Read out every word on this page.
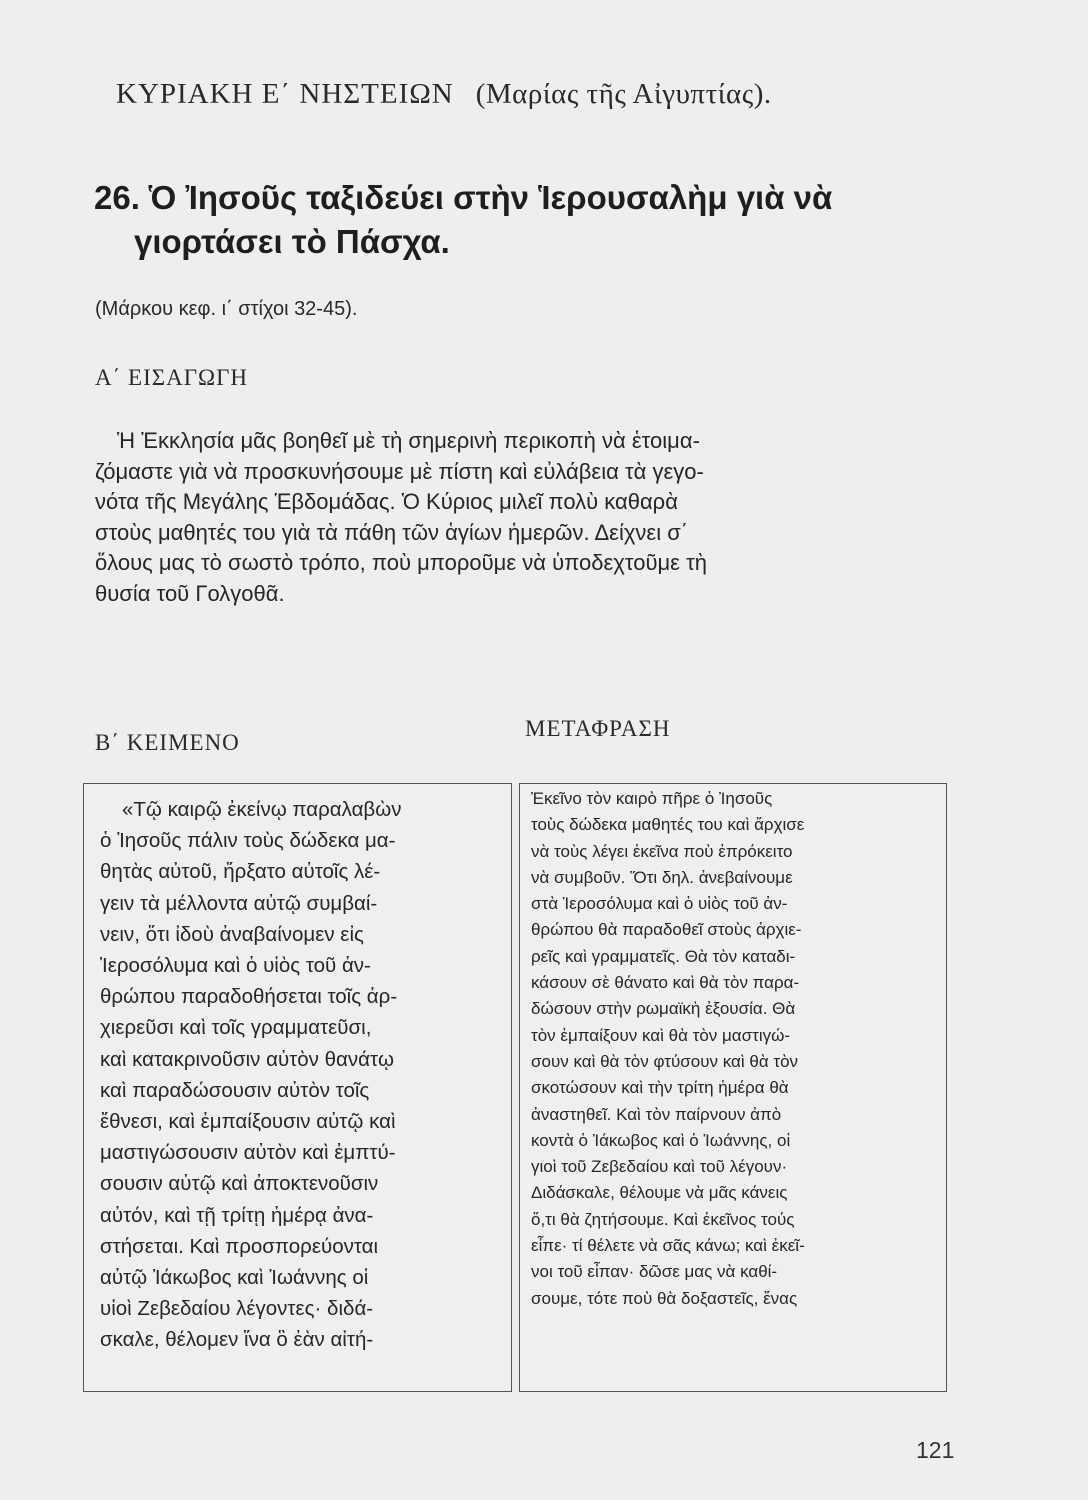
ΚΥΡΙΑΚΗ Ε΄ ΝΗΣΤΕΙΩΝ (Μαρίας τῆς Αἰγυπτίας).
26. Ὁ Ἰησοῦς ταξιδεύει στὴν Ἱερουσαλὴμ γιὰ νὰ
γιορτάσει τὸ Πάσχα.
(Μάρκου κεφ. ι΄ στίχοι 32-45).
Α΄ ΕΙΣΑΓΩΓΗ
Ἡ Ἐκκλησία μᾶς βοηθεῖ μὲ τὴ σημερινὴ περικοπὴ νὰ ἑτοιμα-
ζόμαστε γιὰ νὰ προσκυνήσουμε μὲ πίστη καὶ εὐλάβεια τὰ γεγο-
νότα τῆς Μεγάλης Ἑβδομάδας. Ὁ Κύριος μιλεῖ πολὺ καθαρὰ
στοὺς μαθητές του γιὰ τὰ πάθη τῶν ἁγίων ἡμερῶν. Δείχνει σ΄
ὅλους μας τὸ σωστὸ τρόπο, ποὺ μποροῦμε νὰ ὑποδεχτοῦμε τὴ
θυσία τοῦ Γολγοθᾶ.
Β΄ ΚΕΙΜΕΝΟ
ΜΕΤΑΦΡΑΣΗ
«Τῷ καιρῷ ἐκείνῳ παραλαβὼν
ὁ Ἰησοῦς πάλιν τοὺς δώδεκα μα-
θητὰς αὐτοῦ, ἤρξατο αὐτοῖς λέ-
γειν τὰ μέλλοντα αὐτῷ συμβαί-
νειν, ὅτι ἰδοὺ ἀναβαίνομεν εἰς
Ἱεροσόλυμα καὶ ὁ υἱὸς τοῦ ἀν-
θρώπου παραδοθήσεται τοῖς ἀρ-
χιερεῦσι καὶ τοῖς γραμματεῦσι,
καὶ κατακρινοῦσιν αὐτὸν θανάτῳ
καὶ παραδώσουσιν αὐτὸν τοῖς
ἔθνεσι, καὶ ἐμπαίξουσιν αὐτῷ καὶ
μαστιγώσουσιν αὐτὸν καὶ ἐμπτύ-
σουσιν αὐτῷ καὶ ἀποκτενοῦσιν
αὐτόν, καὶ τῇ τρίτῃ ἡμέρᾳ ἀνα-
στήσεται. Καὶ προσπορεύονται
αὐτῷ Ἰάκωβος καὶ Ἰωάννης οἱ
υἱοὶ Ζεβεδαίου λέγοντες· διδά-
σκαλε, θέλομεν ἵνα ὃ ἐὰν αἰτή-
Ἐκεῖνο τὸν καιρὸ πῆρε ὁ Ἰησοῦς
τοὺς δώδεκα μαθητές του καὶ ἄρχισε
νὰ τοὺς λέγει ἐκεῖνα ποὺ ἐπρόκειτο
νὰ συμβοῦν. Ὅτι δηλ. ἀνεβαίνουμε
στὰ Ἱεροσόλυμα καὶ ὁ υἱὸς τοῦ ἀν-
θρώπου θὰ παραδοθεῖ στοὺς ἀρχιε-
ρεῖς καὶ γραμματεῖς. Θὰ τὸν καταδι-
κάσουν σὲ θάνατο καὶ θὰ τὸν παρα-
δώσουν στὴν ρωμαϊκὴ ἐξουσία. Θὰ
τὸν ἐμπαίξουν καὶ θὰ τὸν μαστιγώ-
σουν καὶ θὰ τὸν φτύσουν καὶ θὰ τὸν
σκοτώσουν καὶ τὴν τρίτη ἡμέρα θὰ
ἀναστηθεῖ. Καὶ τὸν παίρνουν ἀπὸ
κοντὰ ὁ Ἰάκωβος καὶ ὁ Ἰωάννης, οἱ
γιοὶ τοῦ Ζεβεδαίου καὶ τοῦ λέγουν·
Διδάσκαλε, θέλουμε νὰ μᾶς κάνεις
ὅ,τι θὰ ζητήσουμε. Καὶ ἐκεῖνος τούς
εἶπε· τί θέλετε νὰ σᾶς κάνω; καὶ ἐκεῖ-
νοι τοῦ εἶπαν· δῶσε μας νὰ καθί-
σουμε, τότε ποὺ θὰ δοξαστεῖς, ἕνας
121
